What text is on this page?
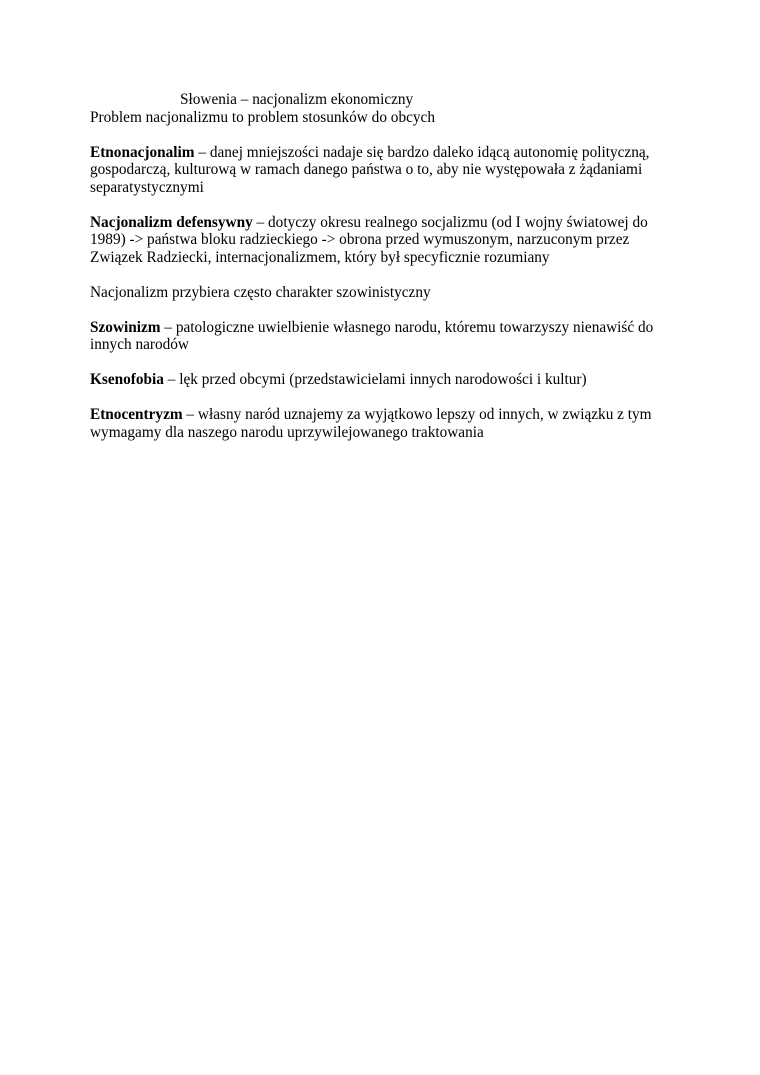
Słowenia – nacjonalizm ekonomiczny

Problem nacjonalizmu to problem stosunków do obcych

Etnonacjonalim – danej mniejszości nadaje się bardzo daleko idącą autonomię polityczną, gospodarczą, kulturową w ramach danego państwa o to, aby nie występowała z żądaniami separatystycznymi

Nacjonalizm defensywny – dotyczy okresu realnego socjalizmu (od I wojny światowej do 1989) -> państwa bloku radzieckiego -> obrona przed wymuszonym, narzuconym przez Związek Radziecki, internacjonalizmem, który był specyficznie rozumiany

Nacjonalizm przybiera często charakter szowinistyczny

Szowinizm – patologiczne uwielbienie własnego narodu, któremu towarzyszy nienawiść do innych narodów

Ksenofobia – lęk przed obcymi (przedstawicielami innych narodowości i kultur)

Etnocentryzm – własny naród uznajemy za wyjątkowo lepszy od innych, w związku z tym wymagamy dla naszego narodu uprzywilejowanego traktowania
